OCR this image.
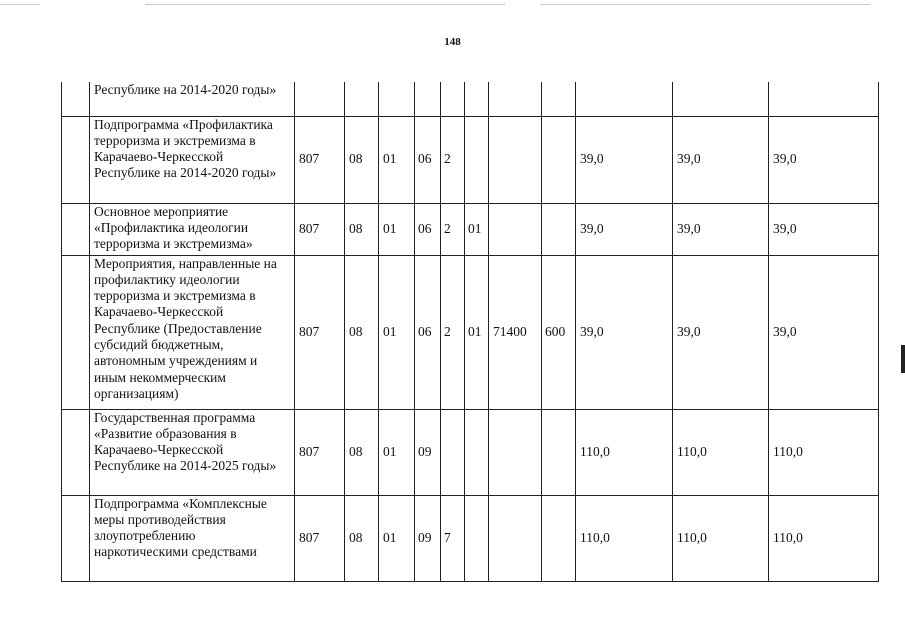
148
	Республике на 2014-2020 годы»											
	Подпрограмма «Профилактика терроризма и экстремизма в Карачаево-Черкесской Республике на 2014-2020 годы»	807	08	01	06	2				39,0	39,0	39,0
	Основное мероприятие «Профилактика идеологии терроризма и экстремизма»	807	08	01	06	2	01			39,0	39,0	39,0
	Мероприятия, направленные на профилактику идеологии терроризма и экстремизма в Карачаево-Черкесской Республике (Предоставление субсидий бюджетным, автономным учреждениям и иным некоммерческим организациям)	807	08	01	06	2	01	71400	600	39,0	39,0	39,0
	Государственная программа «Развитие образования в Карачаево-Черкесской Республике на 2014-2025 годы»	807	08	01	09					110,0	110,0	110,0
	Подпрограмма «Комплексные меры противодействия злоупотреблению наркотическими средствами	807	08	01	09	7				110,0	110,0	110,0
